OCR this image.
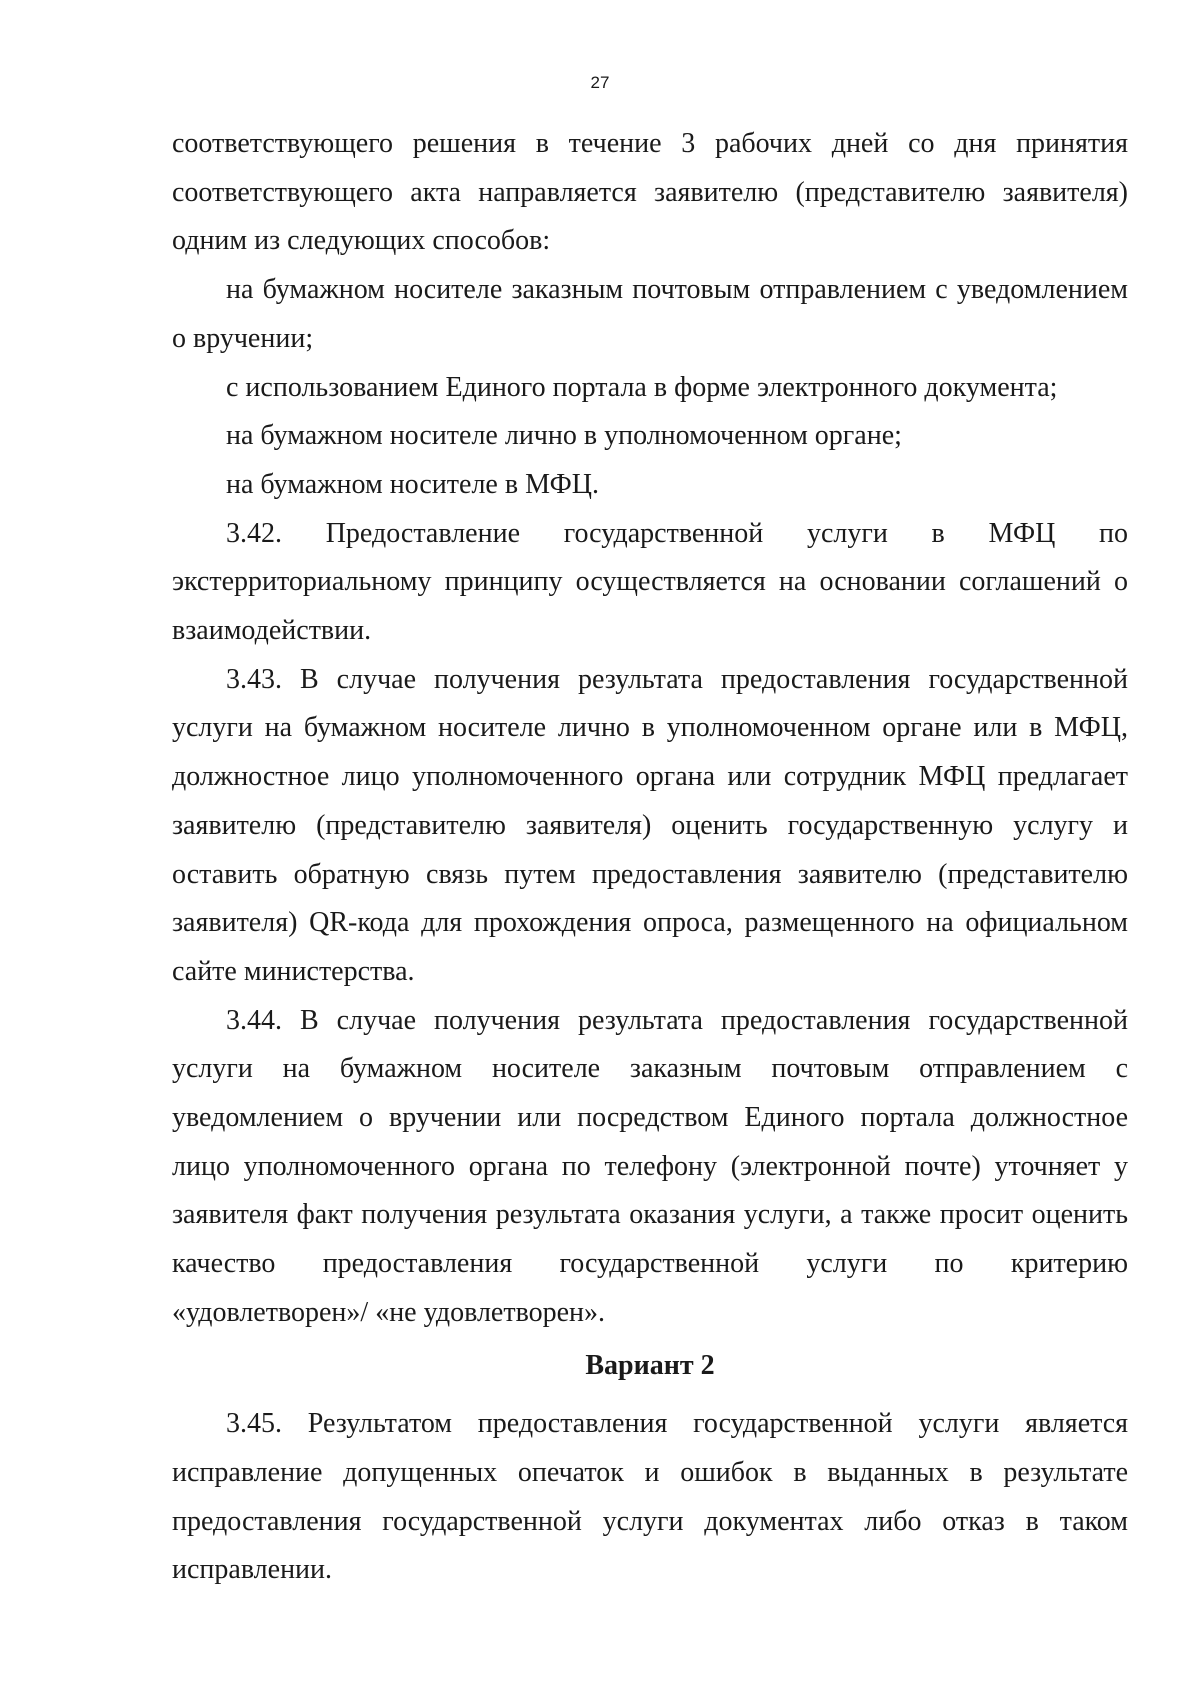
27

соответствующего решения в течение 3 рабочих дней со дня принятия соответствующего акта направляется заявителю (представителю заявителя) одним из следующих способов:

на бумажном носителе заказным почтовым отправлением с уведомлением о вручении;

с использованием Единого портала в форме электронного документа;

на бумажном носителе лично в уполномоченном органе;

на бумажном носителе в МФЦ.

3.42. Предоставление государственной услуги в МФЦ по экстерриториальному принципу осуществляется на основании соглашений о взаимодействии.

3.43. В случае получения результата предоставления государственной услуги на бумажном носителе лично в уполномоченном органе или в МФЦ, должностное лицо уполномоченного органа или сотрудник МФЦ предлагает заявителю (представителю заявителя) оценить государственную услугу и оставить обратную связь путем предоставления заявителю (представителю заявителя) QR-кода для прохождения опроса, размещенного на официальном сайте министерства.

3.44. В случае получения результата предоставления государственной услуги на бумажном носителе заказным почтовым отправлением с уведомлением о вручении или посредством Единого портала должностное лицо уполномоченного органа по телефону (электронной почте) уточняет у заявителя факт получения результата оказания услуги, а также просит оценить качество предоставления государственной услуги по критерию «удовлетворен»/ «не удовлетворен».

Вариант 2

3.45. Результатом предоставления государственной услуги является исправление допущенных опечаток и ошибок в выданных в результате предоставления государственной услуги документах либо отказ в таком исправлении.
